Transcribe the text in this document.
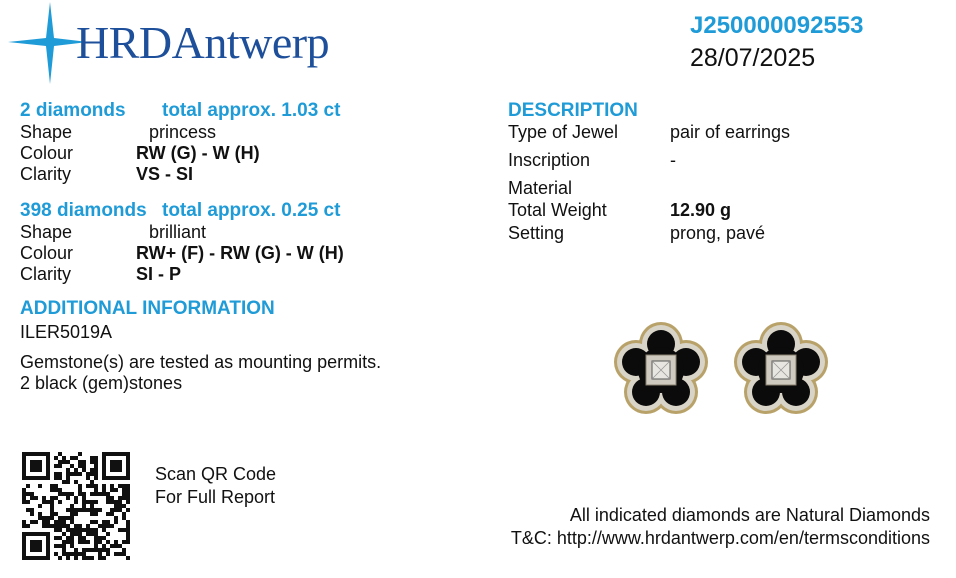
HRDAntwerp	J250000092553
28/07/2025
2 diamonds total approx. 1.03 ct
Shape	princess
Colour	RW (G) - W (H)
Clarity	VS - SI
398 diamonds total approx. 0.25 ct
Shape	brilliant
Colour	RW+ (F) - RW (G) - W (H)
Clarity	SI - P
ADDITIONAL INFORMATION
ILER5019A
Gemstone(s) are tested as mounting permits.
2 black (gem)stones
DESCRIPTION
Type of Jewel	pair of earrings
Inscription	-
Material
Total Weight	12.90 g
Setting	prong, pavé
Scan QR Code
For Full Report
All indicated diamonds are Natural Diamonds
T&C: http://www.hrdantwerp.com/en/termsconditions
